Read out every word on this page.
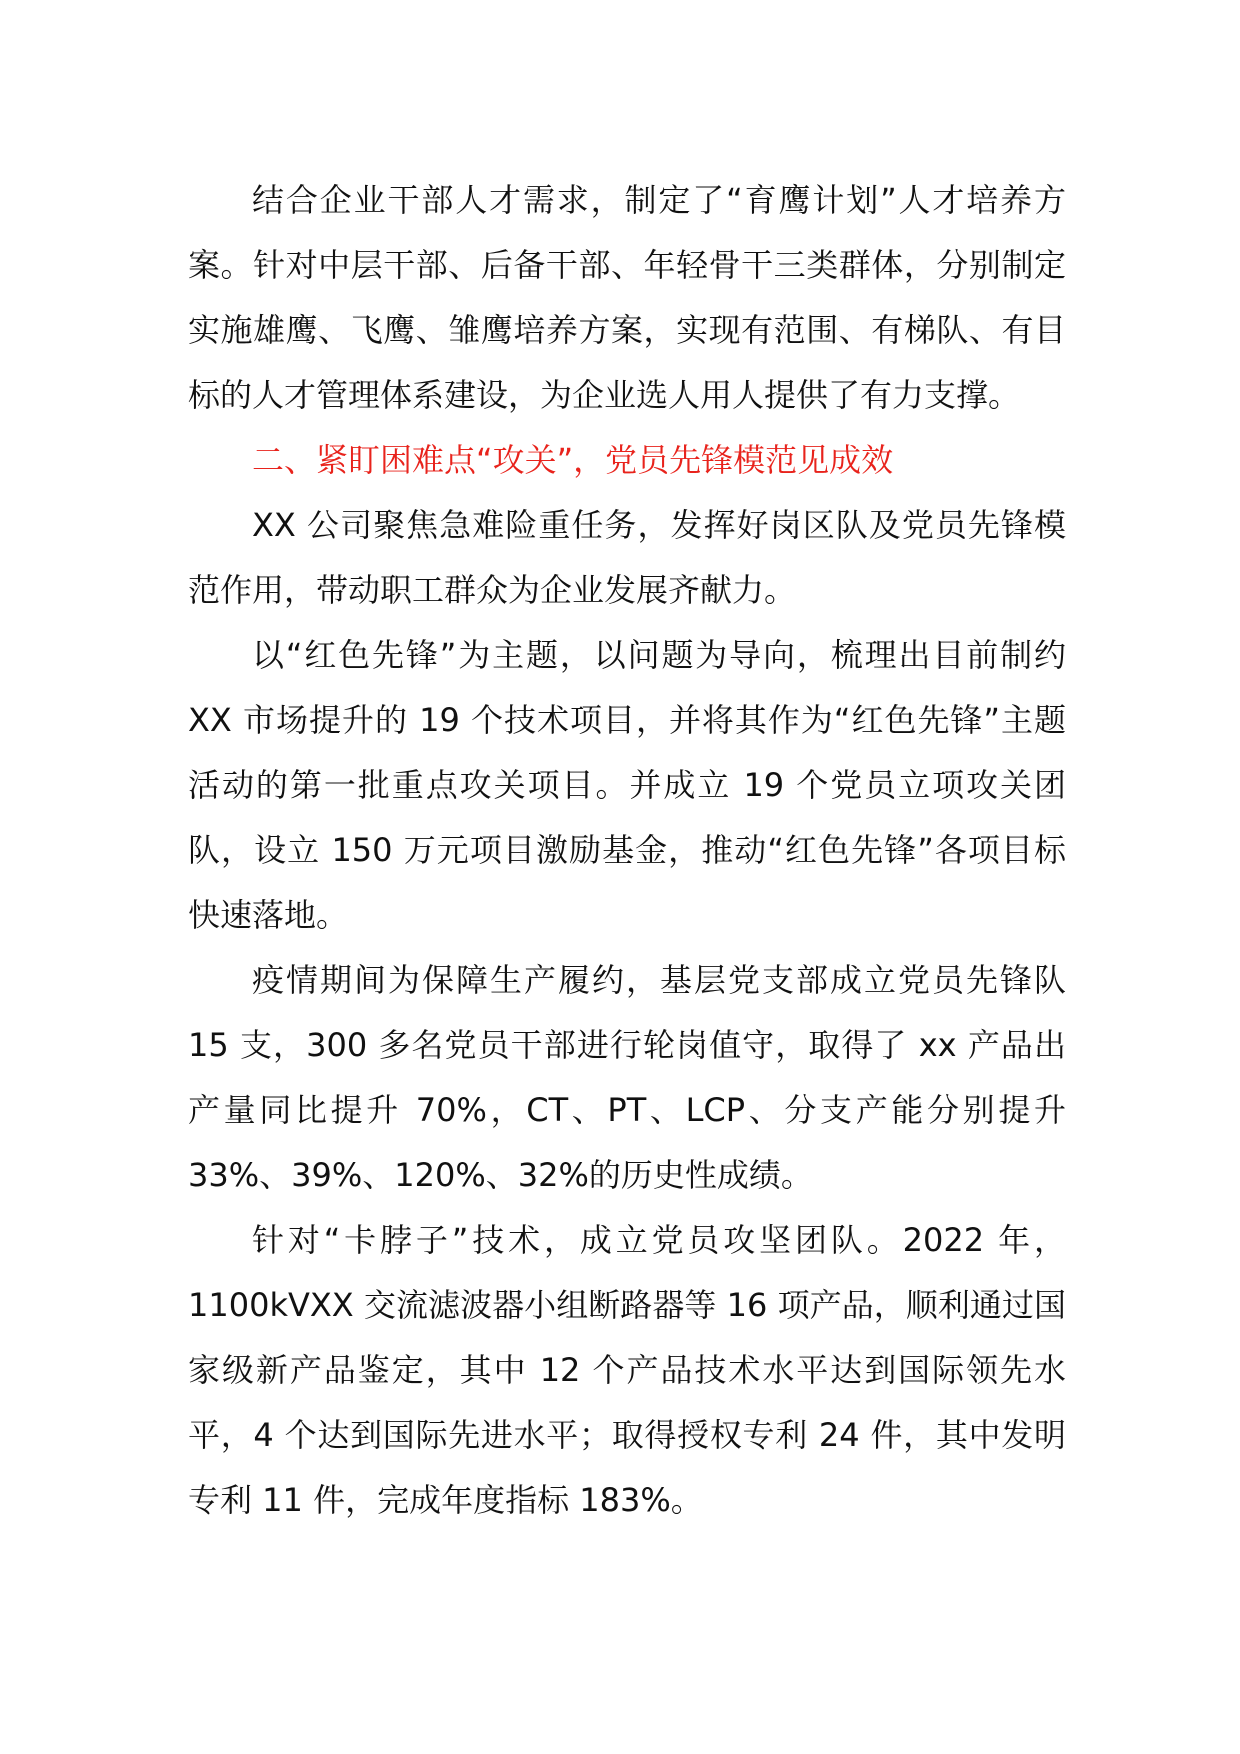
结合企业干部人才需求，制定了“育鹰计划”人才培养方案。针对中层干部、后备干部、年轻骨干三类群体，分别制定实施雄鹰、飞鹰、雏鹰培养方案，实现有范围、有梯队、有目标的人才管理体系建设，为企业选人用人提供了有力支撑。

二、紧盯困难点“攻关”，党员先锋模范见成效

XX 公司聚焦急难险重任务，发挥好岗区队及党员先锋模范作用，带动职工群众为企业发展齐献力。

以“红色先锋”为主题，以问题为导向，梳理出目前制约 XX 市场提升的 19 个技术项目，并将其作为“红色先锋”主题活动的第一批重点攻关项目。并成立 19 个党员立项攻关团队，设立 150 万元项目激励基金，推动“红色先锋”各项目标快速落地。

疫情期间为保障生产履约，基层党支部成立党员先锋队 15 支，300 多名党员干部进行轮岗值守，取得了 xx 产品出产量同比提升 70%，CT、PT、LCP、分支产能分别提升 33%、39%、120%、32%的历史性成绩。

针对“卡脖子”技术，成立党员攻坚团队。2022 年，1100kVXX 交流滤波器小组断路器等 16 项产品，顺利通过国家级新产品鉴定，其中 12 个产品技术水平达到国际领先水平，4 个达到国际先进水平；取得授权专利 24 件，其中发明专利 11 件，完成年度指标 183%。
